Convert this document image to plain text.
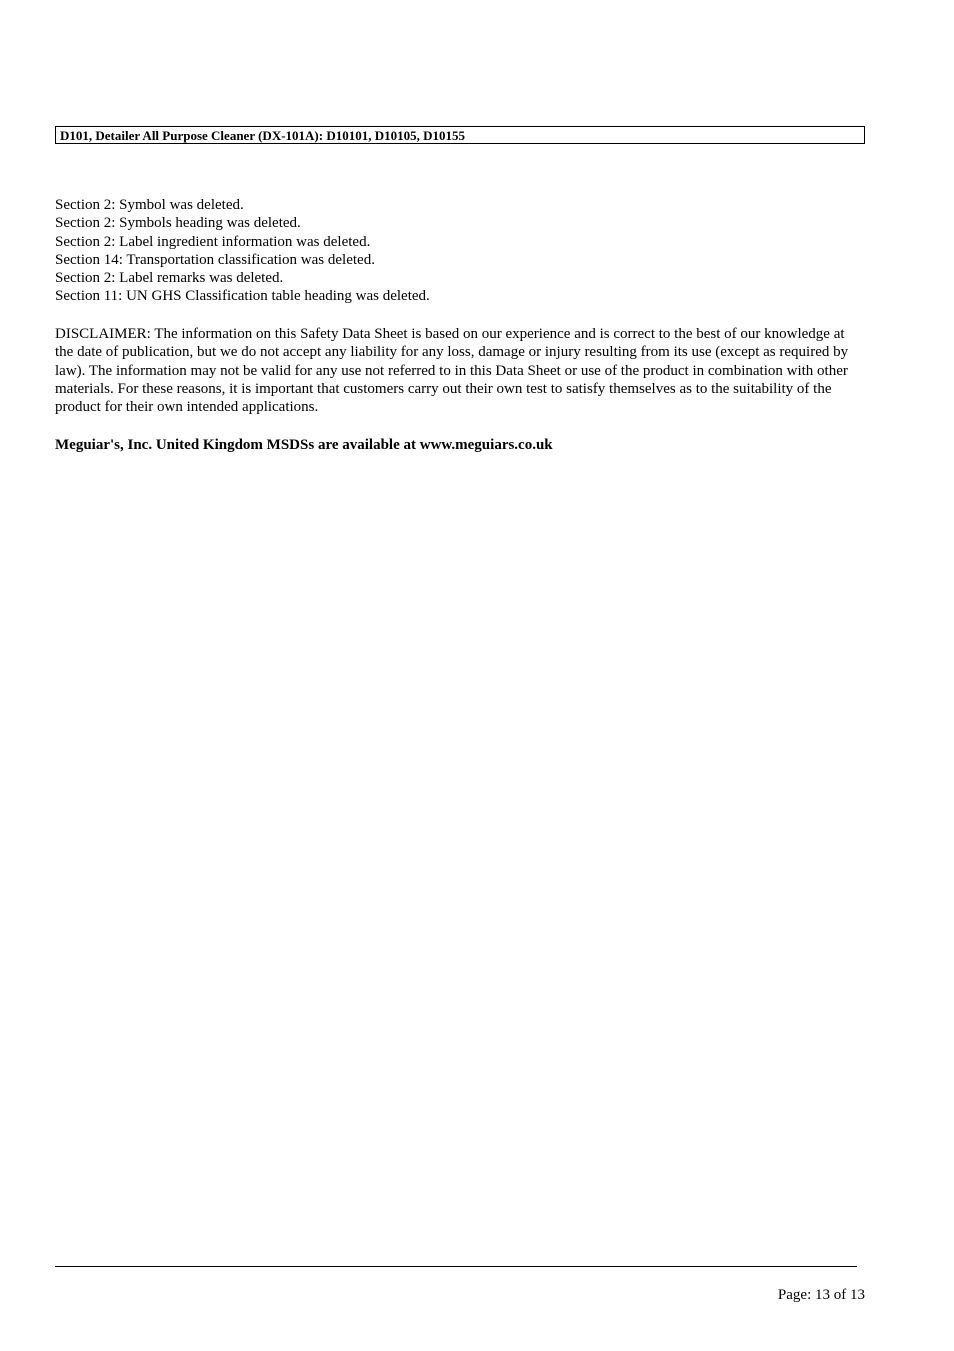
D101, Detailer All Purpose Cleaner (DX-101A): D10101, D10105, D10155
Section 2: Symbol was deleted.
Section 2: Symbols heading was deleted.
Section 2: Label ingredient information was deleted.
Section 14: Transportation classification was deleted.
Section 2: Label remarks was deleted.
Section 11: UN GHS Classification table heading was deleted.
DISCLAIMER: The information on this Safety Data Sheet is based on our experience and is correct to the best of our knowledge at the date of publication, but we do not accept any liability for any loss, damage or injury resulting from its use (except as required by law). The information may not be valid for any use not referred to in this Data Sheet or use of the product in combination with other materials. For these reasons, it is important that customers carry out their own test to satisfy themselves as to the suitability of the product for their own intended applications.
Meguiar's, Inc. United Kingdom MSDSs are available at www.meguiars.co.uk
Page: 13 of 13
